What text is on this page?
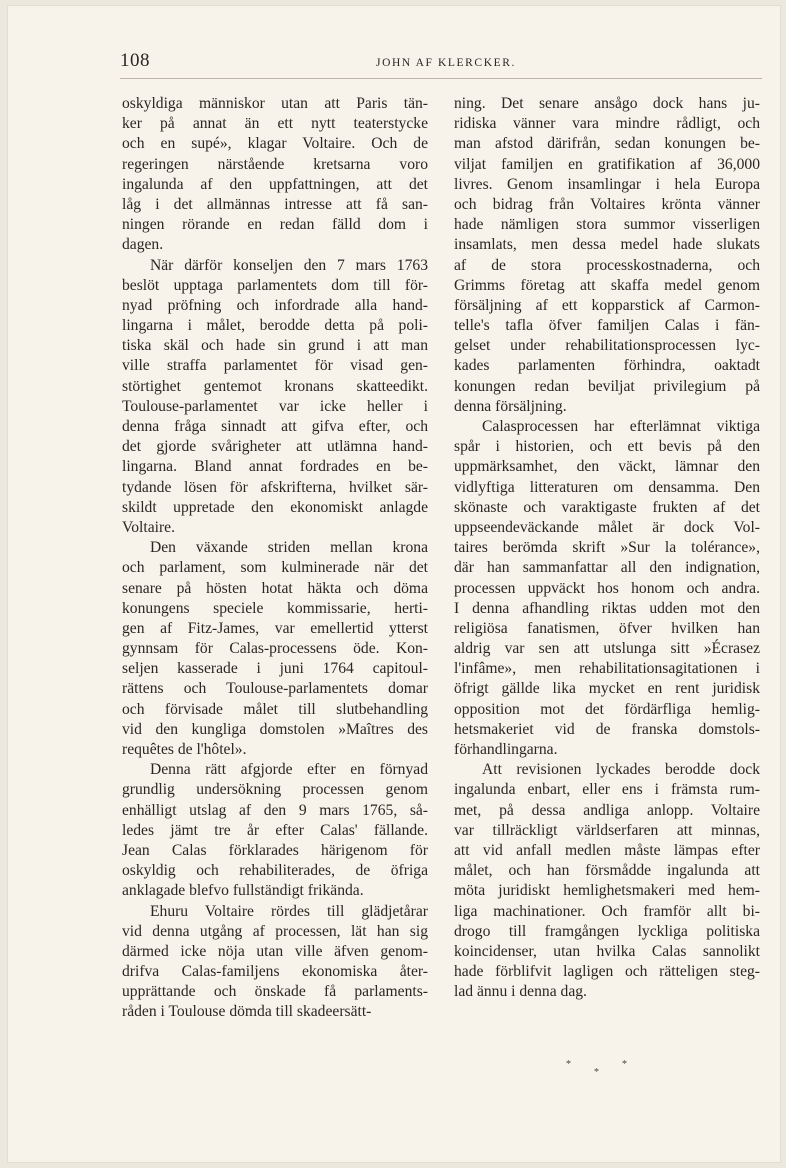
108	JOHN AF KLERCKER.
oskyldiga människor utan att Paris tän-
ker på annat än ett nytt teaterstycke
och en supé», klagar Voltaire. Och de
regeringen närstående kretsarna voro
ingalunda af den uppfattningen, att det
låg i det allmännas intresse att få san-
ningen rörande en redan fälld dom i
dagen.
När därför konseljen den 7 mars 1763
beslöt upptaga parlamentets dom till för-
nyad pröfning och infordrade alla hand-
lingarna i målet, berodde detta på poli-
tiska skäl och hade sin grund i att man
ville straffa parlamentet för visad gen-
störtighet gentemot kronans skatteedikt.
Toulouse-parlamentet var icke heller i
denna fråga sinnadt att gifva efter, och
det gjorde svårigheter att utlämna hand-
lingarna. Bland annat fordrades en be-
tydande lösen för afskrifterna, hvilket sär-
skildt uppretade den ekonomiskt anlagde
Voltaire.
Den växande striden mellan krona
och parlament, som kulminerade när det
senare på hösten hotat häkta och döma
konungens speciele kommissarie, herti-
gen af Fitz-James, var emellertid ytterst
gynnsam för Calas-processens öde. Kon-
seljen kasserade i juni 1764 capitoul-
rättens och Toulouse-parlamentets domar
och förvisade målet till slutbehandling
vid den kungliga domstolen »Maîtres des
requêtes de l'hôtel».
Denna rätt afgjorde efter en förnyad
grundlig undersökning processen genom
enhälligt utslag af den 9 mars 1765, så-
ledes jämt tre år efter Calas' fällande.
Jean Calas förklarades härigenom för
oskyldig och rehabiliterades, de öfriga
anklagade blefvo fullständigt frikända.
Ehuru Voltaire rördes till glädjetårar
vid denna utgång af processen, lät han sig
därmed icke nöja utan ville äfven genom-
drifva Calas-familjens ekonomiska åter-
upprättande och önskade få parlaments-
råden i Toulouse dömda till skadeersätt-
ning. Det senare ansågo dock hans ju-
ridiska vänner vara mindre rådligt, och
man afstod därifrån, sedan konungen be-
viljat familjen en gratifikation af 36,000
livres. Genom insamlingar i hela Europa
och bidrag från Voltaires krönta vänner
hade nämligen stora summor visserligen
insamlats, men dessa medel hade slukats
af de stora processkostnaderna, och
Grimms företag att skaffa medel genom
försäljning af ett kopparstick af Carmon-
telle's tafla öfver familjen Calas i fän-
gelset under rehabilitationsprocessen lyc-
kades parlamenten förhindra, oaktadt
konungen redan beviljat privilegium på
denna försäljning.
Calasprocessen har efterlämnat viktiga
spår i historien, och ett bevis på den
uppmärksamhet, den väckt, lämnar den
vidlyftiga litteraturen om densamma. Den
skönaste och varaktigaste frukten af det
uppseendeväckande målet är dock Vol-
taires berömda skrift »Sur la tolérance»,
där han sammanfattar all den indignation,
processen uppväckt hos honom och andra.
I denna afhandling riktas udden mot den
religiösa fanatismen, öfver hvilken han
aldrig var sen att utslunga sitt »Écrasez
l'infâme», men rehabilitationsagitationen i
öfrigt gällde lika mycket en rent juridisk
opposition mot det fördärfliga hemlig-
hetsmakeriet vid de franska domstols-
förhandlingarna.
Att revisionen lyckades berodde dock
ingalunda enbart, eller ens i främsta rum-
met, på dessa andliga anlopp. Voltaire
var tillräckligt världserfaren att minnas,
att vid anfall medlen måste lämpas efter
målet, och han försmådde ingalunda att
möta juridiskt hemlighetsmakeri med hem-
liga machinationer. Och framför allt bi-
drogo till framgången lyckliga politiska
koincidenser, utan hvilka Calas sannolikt
hade förblifvit lagligen och rätteligen steg-
lad ännu i denna dag.
*
*
*
